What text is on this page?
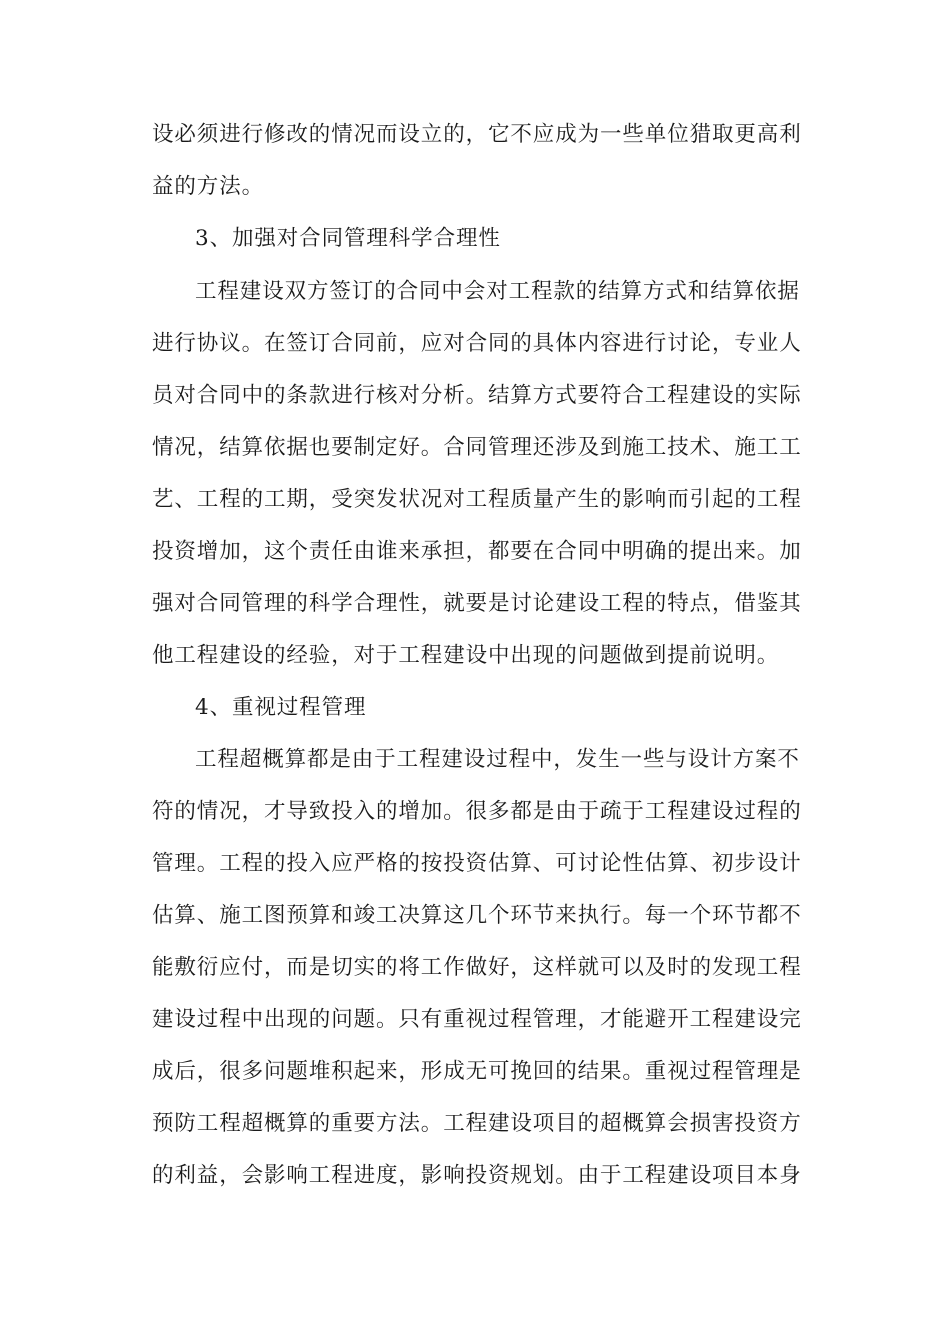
设必须进行修改的情况而设立的，它不应成为一些单位猎取更高利
益的方法。
3、加强对合同管理科学合理性
工程建设双方签订的合同中会对工程款的结算方式和结算依据
进行协议。在签订合同前，应对合同的具体内容进行讨论，专业人
员对合同中的条款进行核对分析。结算方式要符合工程建设的实际
情况，结算依据也要制定好。合同管理还涉及到施工技术、施工工
艺、工程的工期，受突发状况对工程质量产生的影响而引起的工程
投资增加，这个责任由谁来承担，都要在合同中明确的提出来。加
强对合同管理的科学合理性，就要是讨论建设工程的特点，借鉴其
他工程建设的经验，对于工程建设中出现的问题做到提前说明。
4、重视过程管理
工程超概算都是由于工程建设过程中，发生一些与设计方案不
符的情况，才导致投入的增加。很多都是由于疏于工程建设过程的
管理。工程的投入应严格的按投资估算、可讨论性估算、初步设计
估算、施工图预算和竣工决算这几个环节来执行。每一个环节都不
能敷衍应付，而是切实的将工作做好，这样就可以及时的发现工程
建设过程中出现的问题。只有重视过程管理，才能避开工程建设完
成后，很多问题堆积起来，形成无可挽回的结果。重视过程管理是
预防工程超概算的重要方法。工程建设项目的超概算会损害投资方
的利益，会影响工程进度，影响投资规划。由于工程建设项目本身
